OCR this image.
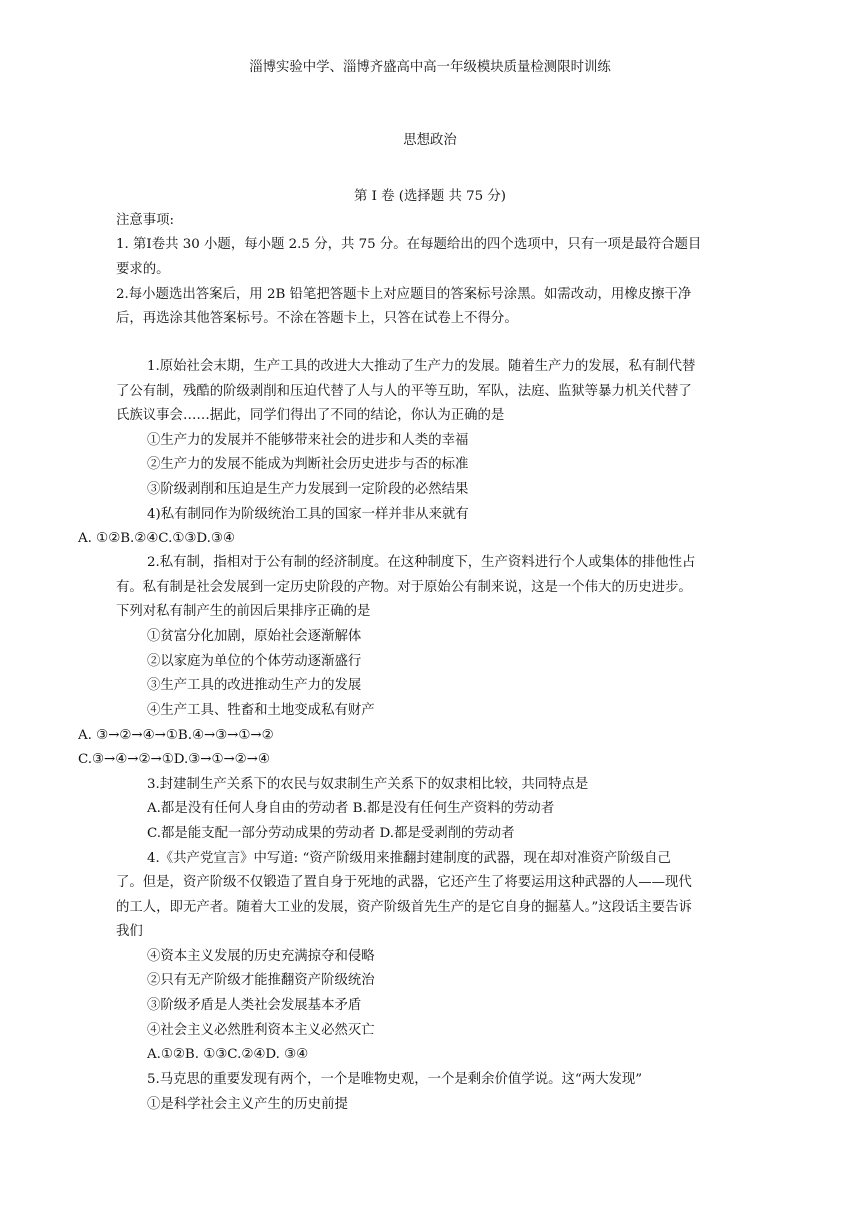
淄博实验中学、淄博齐盛高中高一年级模块质量检测限时训练
思想政治
第 Ⅰ 卷 (选择题 共 75 分)
注意事项:
1. 第Ⅰ卷共 30 小题，每小题 2.5 分，共 75 分。在每题给出的四个选项中，只有一项是最符合题目
要求的。
2.每小题选出答案后，用 2B 铅笔把答题卡上对应题目的答案标号涂黑。如需改动，用橡皮擦干净
后，再选涂其他答案标号。不涂在答题卡上，只答在试卷上不得分。
1.原始社会末期，生产工具的改进大大推动了生产力的发展。随着生产力的发展，私有制代替
了公有制，残酷的阶级剥削和压迫代替了人与人的平等互助，军队，法庭、监狱等暴力机关代替了
氏族议事会……据此，同学们得出了不同的结论，你认为正确的是
①生产力的发展并不能够带来社会的进步和人类的幸福
②生产力的发展不能成为判断社会历史进步与否的标准
③阶级剥削和压迫是生产力发展到一定阶段的必然结果
4)私有制同作为阶级统治工具的国家一样并非从来就有
A. ①②B.②④C.①③D.③④
2.私有制，指相对于公有制的经济制度。在这种制度下，生产资料进行个人或集体的排他性占
有。私有制是社会发展到一定历史阶段的产物。对于原始公有制来说，这是一个伟大的历史进步。
下列对私有制产生的前因后果排序正确的是
①贫富分化加剧，原始社会逐渐解体
②以家庭为单位的个体劳动逐渐盛行
③生产工具的改进推动生产力的发展
④生产工具、牲畜和土地变成私有财产
A. ③→②→④→①B.④→③→①→②
C.③→④→②→①D.③→①→②→④
3.封建制生产关系下的农民与奴隶制生产关系下的奴隶相比较，共同特点是
A.都是没有任何人身自由的劳动者 B.都是没有任何生产资料的劳动者
C.都是能支配一部分劳动成果的劳动者 D.都是受剥削的劳动者
4.《共产党宣言》中写道: “资产阶级用来推翻封建制度的武器，现在却对准资产阶级自己
了。但是，资产阶级不仅锻造了置自身于死地的武器，它还产生了将要运用这种武器的人——现代
的工人，即无产者。随着大工业的发展，资产阶级首先生产的是它自身的掘墓人。”这段话主要告诉
我们
④资本主义发展的历史充满掠夺和侵略
②只有无产阶级才能推翻资产阶级统治
③阶级矛盾是人类社会发展基本矛盾
④社会主义必然胜利资本主义必然灭亡
A.①②B. ①③C.②④D. ③④
5.马克思的重要发现有两个，一个是唯物史观，一个是剩余价值学说。这“两大发现”
①是科学社会主义产生的历史前提
